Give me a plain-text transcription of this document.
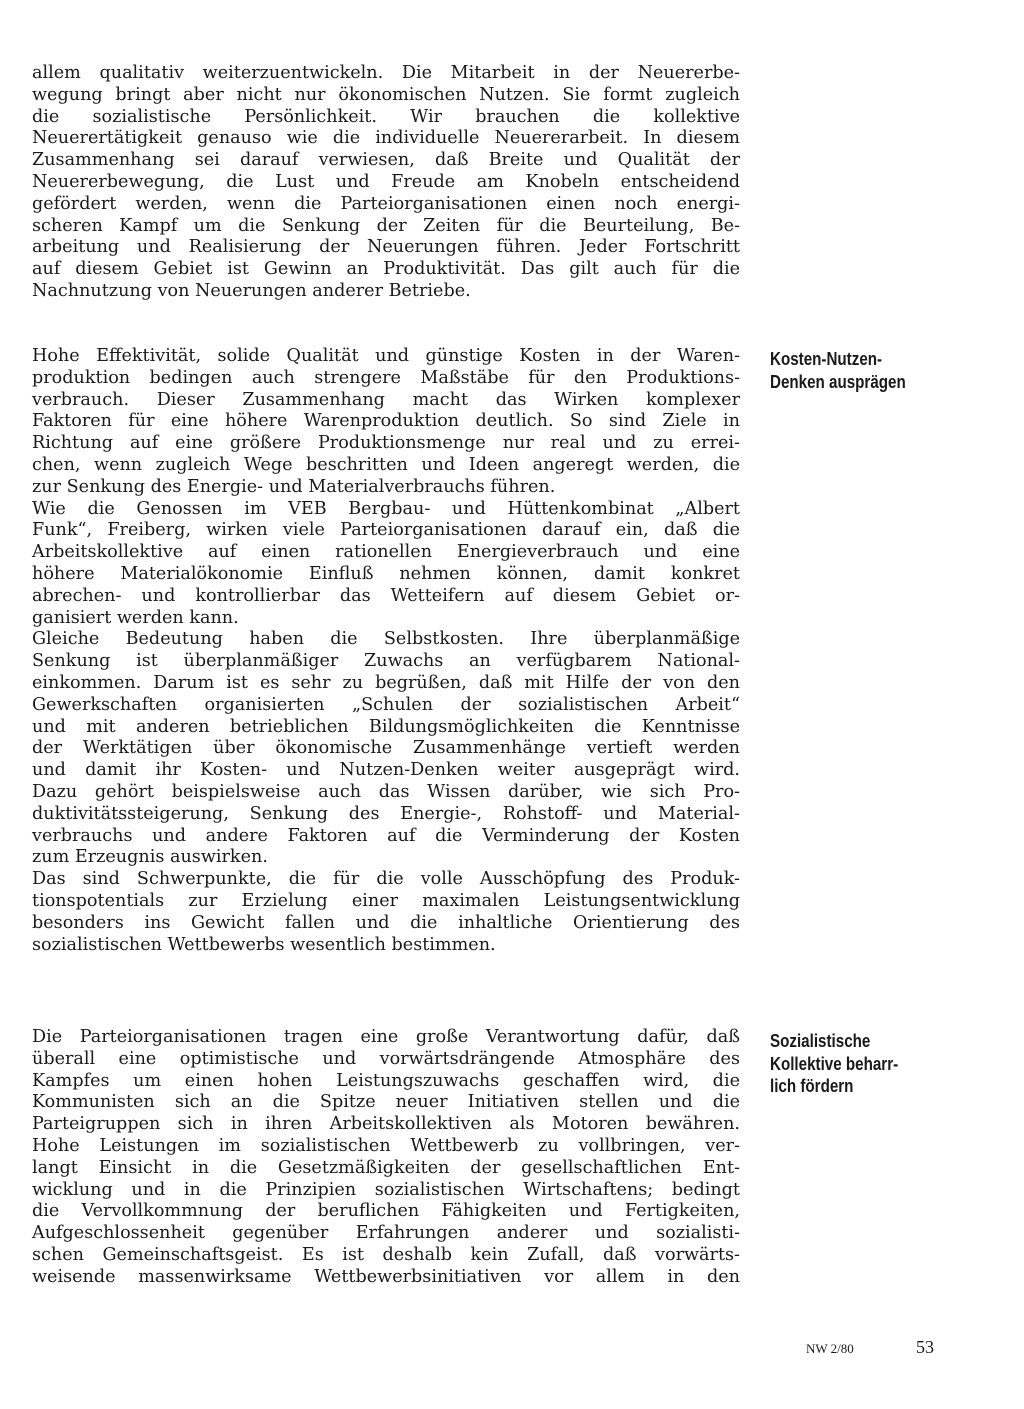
allem qualitativ weiterzuentwickeln. Die Mitarbeit in der Neuererbe-
wegung bringt aber nicht nur ökonomischen Nutzen. Sie formt zugleich
die sozialistische Persönlichkeit. Wir brauchen die kollektive
Neuerertätigkeit genauso wie die individuelle Neuererarbeit. In diesem
Zusammenhang sei darauf verwiesen, daß Breite und Qualität der
Neuererbewegung, die Lust und Freude am Knobeln entscheidend
gefördert werden, wenn die Parteiorganisationen einen noch energi-
scheren Kampf um die Senkung der Zeiten für die Beurteilung, Be-
arbeitung und Realisierung der Neuerungen führen. Jeder Fortschritt
auf diesem Gebiet ist Gewinn an Produktivität. Das gilt auch für die
Nachnutzung von Neuerungen anderer Betriebe.
Kosten-Nutzen-
Denken ausprägen
Hohe Effektivität, solide Qualität und günstige Kosten in der Waren-
produktion bedingen auch strengere Maßstäbe für den Produktions-
verbrauch. Dieser Zusammenhang macht das Wirken komplexer
Faktoren für eine höhere Warenproduktion deutlich. So sind Ziele in
Richtung auf eine größere Produktionsmenge nur real und zu errei-
chen, wenn zugleich Wege beschritten und Ideen angeregt werden, die
zur Senkung des Energie- und Materialverbrauchs führen.
Wie die Genossen im VEB Bergbau- und Hüttenkombinat „Albert
Funk“, Freiberg, wirken viele Parteiorganisationen darauf ein, daß die
Arbeitskollektive auf einen rationellen Energieverbrauch und eine
höhere Materialökonomie Einfluß nehmen können, damit konkret
abrechen- und kontrollierbar das Wetteifern auf diesem Gebiet or-
ganisiert werden kann.
Gleiche Bedeutung haben die Selbstkosten. Ihre überplanmäßige
Senkung ist überplanmäßiger Zuwachs an verfügbarem National-
einkommen. Darum ist es sehr zu begrüßen, daß mit Hilfe der von den
Gewerkschaften organisierten „Schulen der sozialistischen Arbeit“
und mit anderen betrieblichen Bildungsmöglichkeiten die Kenntnisse
der Werktätigen über ökonomische Zusammenhänge vertieft werden
und damit ihr Kosten- und Nutzen-Denken weiter ausgeprägt wird.
Dazu gehört beispielsweise auch das Wissen darüber, wie sich Pro-
duktivitätssteigerung, Senkung des Energie-, Rohstoff- und Material-
verbrauchs und andere Faktoren auf die Verminderung der Kosten
zum Erzeugnis auswirken.
Das sind Schwerpunkte, die für die volle Ausschöpfung des Produk-
tionspotentials zur Erzielung einer maximalen Leistungsentwicklung
besonders ins Gewicht fallen und die inhaltliche Orientierung des
sozialistischen Wettbewerbs wesentlich bestimmen.
Sozialistische
Kollektive beharr-
lich fördern
Die Parteiorganisationen tragen eine große Verantwortung dafür, daß
überall eine optimistische und vorwärtsdrängende Atmosphäre des
Kampfes um einen hohen Leistungszuwachs geschaffen wird, die
Kommunisten sich an die Spitze neuer Initiativen stellen und die
Parteigruppen sich in ihren Arbeitskollektiven als Motoren bewähren.
Hohe Leistungen im sozialistischen Wettbewerb zu vollbringen, ver-
langt Einsicht in die Gesetzmäßigkeiten der gesellschaftlichen Ent-
wicklung und in die Prinzipien sozialistischen Wirtschaftens; bedingt
die Vervollkommnung der beruflichen Fähigkeiten und Fertigkeiten,
Aufgeschlossenheit gegenüber Erfahrungen anderer und sozialisti-
schen Gemeinschaftsgeist. Es ist deshalb kein Zufall, daß vorwärts-
weisende massenwirksame Wettbewerbsinitiativen vor allem in den
NW 2/80	53
